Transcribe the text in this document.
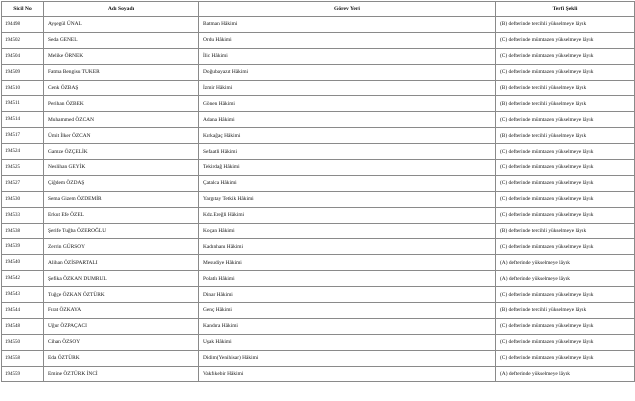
Sicil No	Adı Soyadı	Görev Yeri	Terfi Şekli
194498	Ayşegül ÜNAL	Batman Hâkimi	(B) defterinde tercihli yükselmeye lâyık
194502	Seda GENEL	Ordu Hâkimi	(C) defterinde mümtazen yükselmeye lâyık
194504	Melike ÖRNEK	İlic Hâkimi	(C) defterinde mümtazen yükselmeye lâyık
194509	Fatma Bengisu TUKER	Doğubayazıt Hâkimi	(C) defterinde mümtazen yükselmeye lâyık
194510	Cenk ÖZBAŞ	İzmir Hâkimi	(B) defterinde tercihli yükselmeye lâyık
194511	Perihan ÖZBEK	Gönen Hâkimi	(B) defterinde tercihli yükselmeye lâyık
194514	Muhammed ÖZCAN	Adana Hâkimi	(C) defterinde mümtazen yükselmeye lâyık
194517	Ümit İlker ÖZCAN	Kırkağaç Hâkimi	(B) defterinde tercihli yükselmeye lâyık
194524	Gamze ÖZÇELİK	Sefaatli Hâkimi	(C) defterinde mümtazen yükselmeye lâyık
194525	Neslihan GEYİK	Tekirdağ Hâkimi	(C) defterinde mümtazen yükselmeye lâyık
194527	Çiğdem ÖZDAŞ	Çatalca Hâkimi	(C) defterinde mümtazen yükselmeye lâyık
194530	Sema Gizem ÖZDEMİR	Yargıtay Tetkik Hâkimi	(C) defterinde mümtazen yükselmeye lâyık
194533	Erkut Efe ÖZEL	Kdz.Ereğli Hâkimi	(C) defterinde mümtazen yükselmeye lâyık
194538	Şerife Tuğba ÖZEROĞLU	Koçan Hâkimi	(B) defterinde tercihli yükselmeye lâyık
194539	Zerrin GÜRSOY	Kadınhanı Hâkimi	(C) defterinde mümtazen yükselmeye lâyık
194540	Alihan ÖZİSPARTALI	Mesudiye Hâkimi	(A) defterinde yükselmeye lâyık
194542	Şefika ÖZKAN DUMRUL	Polatlı Hâkimi	(A) defterinde yükselmeye lâyık
194543	Tuğçe ÖZKAN ÖZTÜRK	Dinar Hâkimi	(C) defterinde mümtazen yükselmeye lâyık
194544	Fırat ÖZKAYA	Genç Hâkimi	(B) defterinde tercihli yükselmeye lâyık
194548	Uğur ÖZPAÇACI	Kandıra Hâkimi	(C) defterinde mümtazen yükselmeye lâyık
194550	Cihan ÖZSOY	Uşak Hâkimi	(C) defterinde mümtazen yükselmeye lâyık
194558	Eda ÖZTÜRK	Didim(Yenihisar) Hâkimi	(C) defterinde mümtazen yükselmeye lâyık
194559	Emine ÖZTÜRK İNCİ	Vakfıkebir Hâkimi	(A) defterinde yükselmeye lâyık
